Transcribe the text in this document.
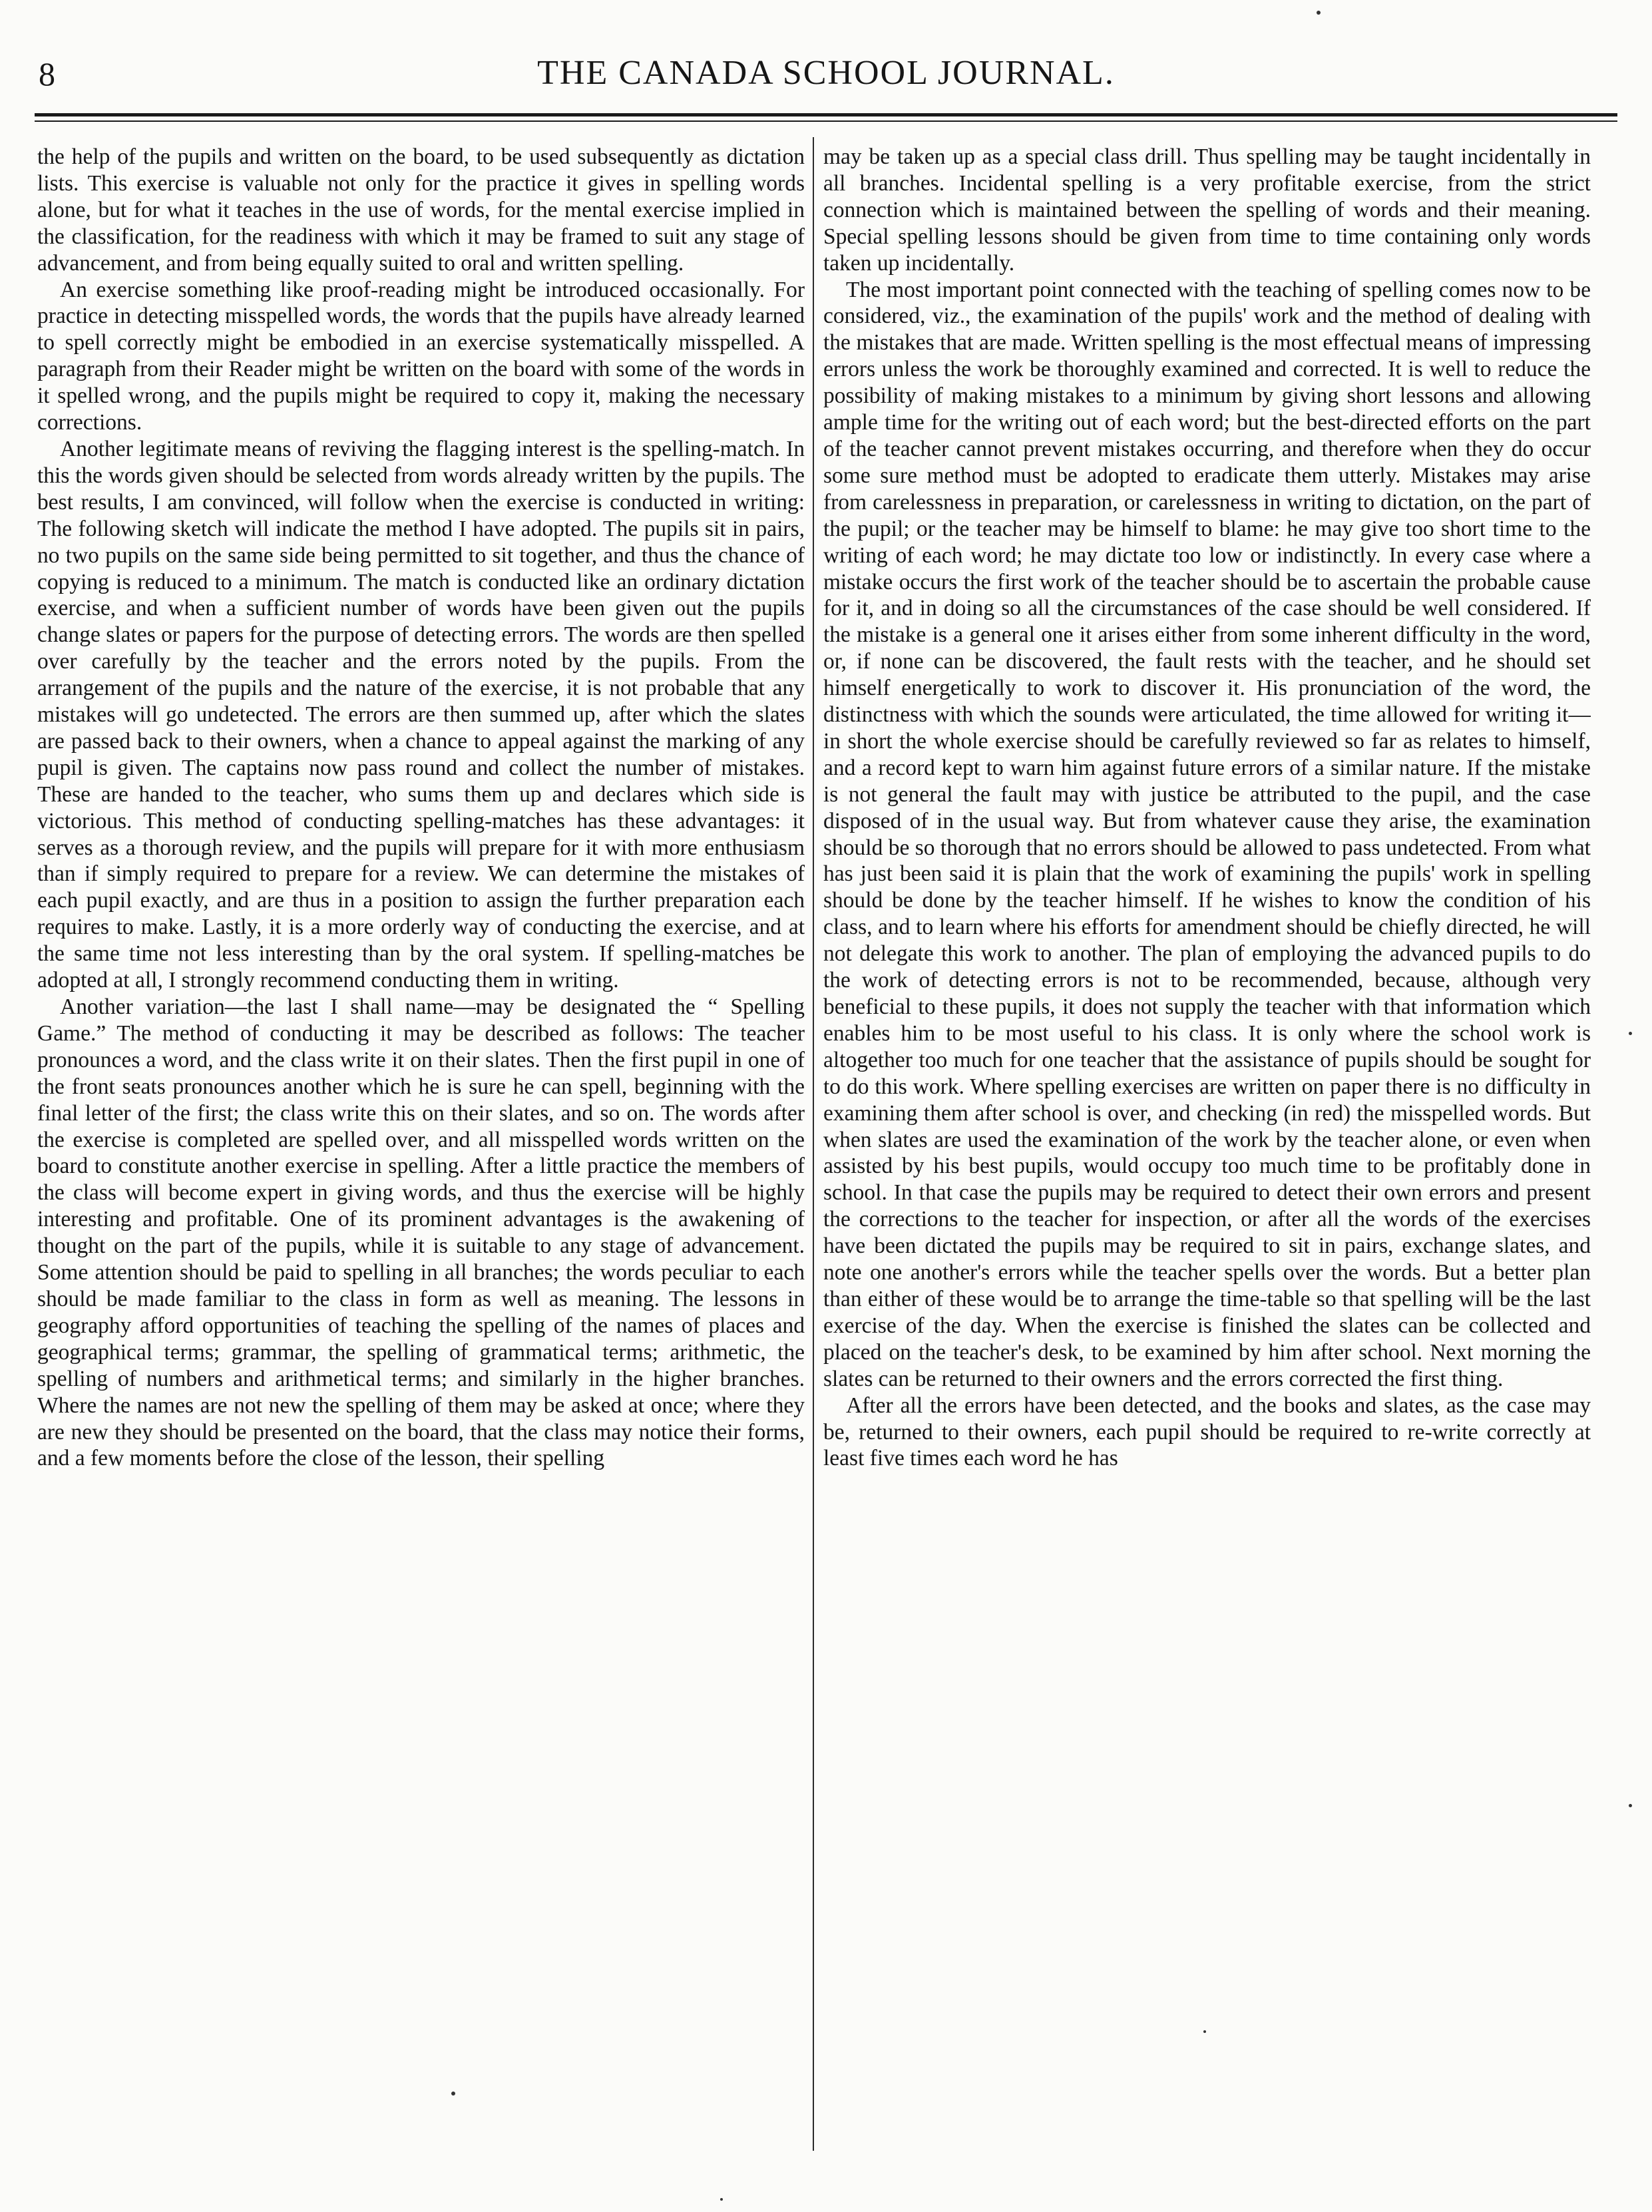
8	THE CANADA SCHOOL JOURNAL.

the help of the pupils and written on the board, to be used subsequently as dictation lists. This exercise is valuable not only for the practice it gives in spelling words alone, but for what it teaches in the use of words, for the mental exercise implied in the classification, for the readiness with which it may be framed to suit any stage of advancement, and from being equally suited to oral and written spelling.

An exercise something like proof-reading might be introduced occasionally. For practice in detecting misspelled words, the words that the pupils have already learned to spell correctly might be embodied in an exercise systematically misspelled. A paragraph from their Reader might be written on the board with some of the words in it spelled wrong, and the pupils might be required to copy it, making the necessary corrections.

Another legitimate means of reviving the flagging interest is the spelling-match. In this the words given should be selected from words already written by the pupils. The best results, I am convinced, will follow when the exercise is conducted in writing: The following sketch will indicate the method I have adopted. The pupils sit in pairs, no two pupils on the same side being permitted to sit together, and thus the chance of copying is reduced to a minimum. The match is conducted like an ordinary dictation exercise, and when a sufficient number of words have been given out the pupils change slates or papers for the purpose of detecting errors. The words are then spelled over carefully by the teacher and the errors noted by the pupils. From the arrangement of the pupils and the nature of the exercise, it is not probable that any mistakes will go undetected. The errors are then summed up, after which the slates are passed back to their owners, when a chance to appeal against the marking of any pupil is given. The captains now pass round and collect the number of mistakes. These are handed to the teacher, who sums them up and declares which side is victorious. This method of conducting spelling-matches has these advantages: it serves as a thorough review, and the pupils will prepare for it with more enthusiasm than if simply required to prepare for a review. We can determine the mistakes of each pupil exactly, and are thus in a position to assign the further preparation each requires to make. Lastly, it is a more orderly way of conducting the exercise, and at the same time not less interesting than by the oral system. If spelling-matches be adopted at all, I strongly recommend conducting them in writing.

Another variation—the last I shall name—may be designated the “ Spelling Game.” The method of conducting it may be described as follows: The teacher pronounces a word, and the class write it on their slates. Then the first pupil in one of the front seats pronounces another which he is sure he can spell, beginning with the final letter of the first; the class write this on their slates, and so on. The words after the exercise is completed are spelled over, and all misspelled words written on the board to constitute another exercise in spelling. After a little practice the members of the class will become expert in giving words, and thus the exercise will be highly interesting and profitable. One of its prominent advantages is the awakening of thought on the part of the pupils, while it is suitable to any stage of advancement. Some attention should be paid to spelling in all branches; the words peculiar to each should be made familiar to the class in form as well as meaning. The lessons in geography afford opportunities of teaching the spelling of the names of places and geographical terms; grammar, the spelling of grammatical terms; arithmetic, the spelling of numbers and arithmetical terms; and similarly in the higher branches. Where the names are not new the spelling of them may be asked at once; where they are new they should be presented on the board, that the class may notice their forms, and a few moments before the close of the lesson, their spelling

may be taken up as a special class drill. Thus spelling may be taught incidentally in all branches. Incidental spelling is a very profitable exercise, from the strict connection which is maintained between the spelling of words and their meaning. Special spelling lessons should be given from time to time containing only words taken up incidentally.

The most important point connected with the teaching of spelling comes now to be considered, viz., the examination of the pupils' work and the method of dealing with the mistakes that are made. Written spelling is the most effectual means of impressing errors unless the work be thoroughly examined and corrected. It is well to reduce the possibility of making mistakes to a minimum by giving short lessons and allowing ample time for the writing out of each word; but the best-directed efforts on the part of the teacher cannot prevent mistakes occurring, and therefore when they do occur some sure method must be adopted to eradicate them utterly. Mistakes may arise from carelessness in preparation, or carelessness in writing to dictation, on the part of the pupil; or the teacher may be himself to blame: he may give too short time to the writing of each word; he may dictate too low or indistinctly. In every case where a mistake occurs the first work of the teacher should be to ascertain the probable cause for it, and in doing so all the circumstances of the case should be well considered. If the mistake is a general one it arises either from some inherent difficulty in the word, or, if none can be discovered, the fault rests with the teacher, and he should set himself energetically to work to discover it. His pronunciation of the word, the distinctness with which the sounds were articulated, the time allowed for writing it—in short the whole exercise should be carefully reviewed so far as relates to himself, and a record kept to warn him against future errors of a similar nature. If the mistake is not general the fault may with justice be attributed to the pupil, and the case disposed of in the usual way. But from whatever cause they arise, the examination should be so thorough that no errors should be allowed to pass undetected. From what has just been said it is plain that the work of examining the pupils' work in spelling should be done by the teacher himself. If he wishes to know the condition of his class, and to learn where his efforts for amendment should be chiefly directed, he will not delegate this work to another. The plan of employing the advanced pupils to do the work of detecting errors is not to be recommended, because, although very beneficial to these pupils, it does not supply the teacher with that information which enables him to be most useful to his class. It is only where the school work is altogether too much for one teacher that the assistance of pupils should be sought for to do this work. Where spelling exercises are written on paper there is no difficulty in examining them after school is over, and checking (in red) the misspelled words. But when slates are used the examination of the work by the teacher alone, or even when assisted by his best pupils, would occupy too much time to be profitably done in school. In that case the pupils may be required to detect their own errors and present the corrections to the teacher for inspection, or after all the words of the exercises have been dictated the pupils may be required to sit in pairs, exchange slates, and note one another's errors while the teacher spells over the words. But a better plan than either of these would be to arrange the time-table so that spelling will be the last exercise of the day. When the exercise is finished the slates can be collected and placed on the teacher's desk, to be examined by him after school. Next morning the slates can be returned to their owners and the errors corrected the first thing.

After all the errors have been detected, and the books and slates, as the case may be, returned to their owners, each pupil should be required to re-write correctly at least five times each word he has
